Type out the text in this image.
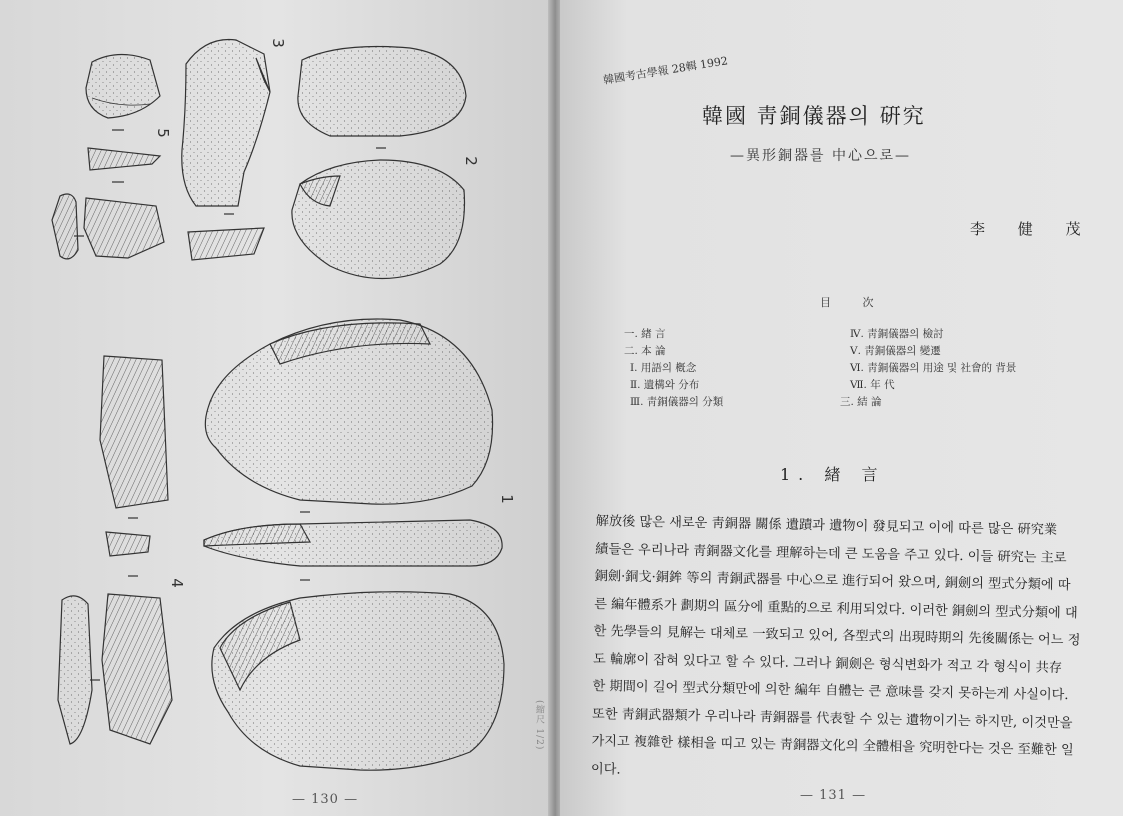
3
5
2
1
4
(縮尺 1/2)
— 130 —
韓國考古學報 28輯 1992
韓國 靑銅儀器의 硏究
—異形銅器를 中心으로—
李 健 茂
目 次
一. 緖 言
二. 本 論
Ⅰ. 用語의 槪念
Ⅱ. 遺構와 分布
Ⅲ. 靑銅儀器의 分類
Ⅳ. 靑銅儀器의 檢討
Ⅴ. 靑銅儀器의 變遷
Ⅵ. 靑銅儀器의 用途 및 社會的 背景
Ⅶ. 年 代
三. 結 論
1. 緖 言
解放後 많은 새로운 靑銅器 關係 遺蹟과 遺物이 發見되고 이에 따른 많은 硏究業
績들은 우리나라 靑銅器文化를 理解하는데 큰 도움을 주고 있다. 이들 硏究는 主로
銅劍·銅戈·銅鉾 等의 靑銅武器를 中心으로 進行되어 왔으며, 銅劍의 型式分類에 따
른 編年體系가 劃期의 區分에 重點的으로 利用되었다. 이러한 銅劍의 型式分類에 대
한 先學들의 見解는 대체로 一致되고 있어, 各型式의 出現時期의 先後關係는 어느 정
도 輪廓이 잡혀 있다고 할 수 있다. 그러나 銅劍은 형식변화가 적고 각 형식이 共存
한 期間이 길어 型式分類만에 의한 編年 自體는 큰 意味를 갖지 못하는게 사실이다.
또한 靑銅武器類가 우리나라 靑銅器를 代表할 수 있는 遺物이기는 하지만, 이것만을
가지고 複雜한 樣相을 띠고 있는 靑銅器文化의 全體相을 究明한다는 것은 至難한 일
이다.
— 131 —
